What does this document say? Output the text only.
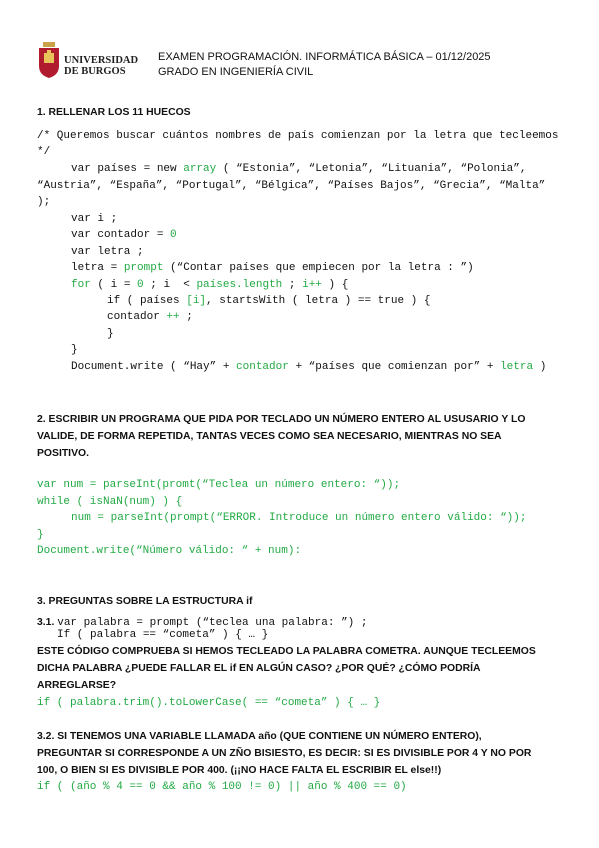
UNIVERSIDAD
DE BURGOS
EXAMEN PROGRAMACIÓN. INFORMÁTICA BÁSICA – 01/12/2025
GRADO EN INGENIERÍA CIVIL
1. RELLENAR LOS 11 HUECOS
/* Queremos buscar cuántos nombres de país comienzan por la letra que tecleemos
*/
var países = new array ( “Estonia”, “Letonia”, “Lituania”, “Polonia”,
“Austria”, “España”, “Portugal”, “Bélgica”, “Países Bajos”, “Grecia”, “Malta”
);
var i ;
var contador = 0
var letra ;
letra = prompt (“Contar países que empiecen por la letra : ”)
for ( i = 0 ; i  < países.length ; i++ ) {
if ( países [i], startsWith ( letra ) == true ) {
contador ++ ;
}
}
Document.write ( “Hay” + contador + “países que comienzan por” + letra )
2. ESCRIBIR UN PROGRAMA QUE PIDA POR TECLADO UN NÚMERO ENTERO AL USUSARIO Y LO
VALIDE, DE FORMA REPETIDA, TANTAS VECES COMO SEA NECESARIO, MIENTRAS NO SEA
POSITIVO.
var num = parseInt(promt(“Teclea un número entero: “));
while ( isNaN(num) ) {
num = parseInt(prompt(“ERROR. Introduce un número entero válido: “));
}
Document.write(“Número válido: “ + num):
3. PREGUNTAS SOBRE LA ESTRUCTURA if
3.1. var palabra = prompt (“teclea una palabra: ”) ;
If ( palabra == “cometa” ) { … }
ESTE CÓDIGO COMPRUEBA SI HEMOS TECLEADO LA PALABRA COMETRA. AUNQUE TECLEEMOS
DICHA PALABRA ¿PUEDE FALLAR EL if EN ALGÚN CASO? ¿POR QUÉ? ¿CÓMO PODRÍA
ARREGLARSE?
if ( palabra.trim().toLowerCase( == “cometa” ) { … }
3.2. SI TENEMOS UNA VARIABLE LLAMADA año (QUE CONTIENE UN NÚMERO ENTERO),
PREGUNTAR SI CORRESPONDE A UN ZÑO BISIESTO, ES DECIR: SI ES DIVISIBLE POR 4 Y NO POR
100, O BIEN SI ES DIVISIBLE POR 400. (¡¡NO HACE FALTA EL ESCRIBIR EL else!!)
if ( (año % 4 == 0 && año % 100 != 0) || año % 400 == 0)
